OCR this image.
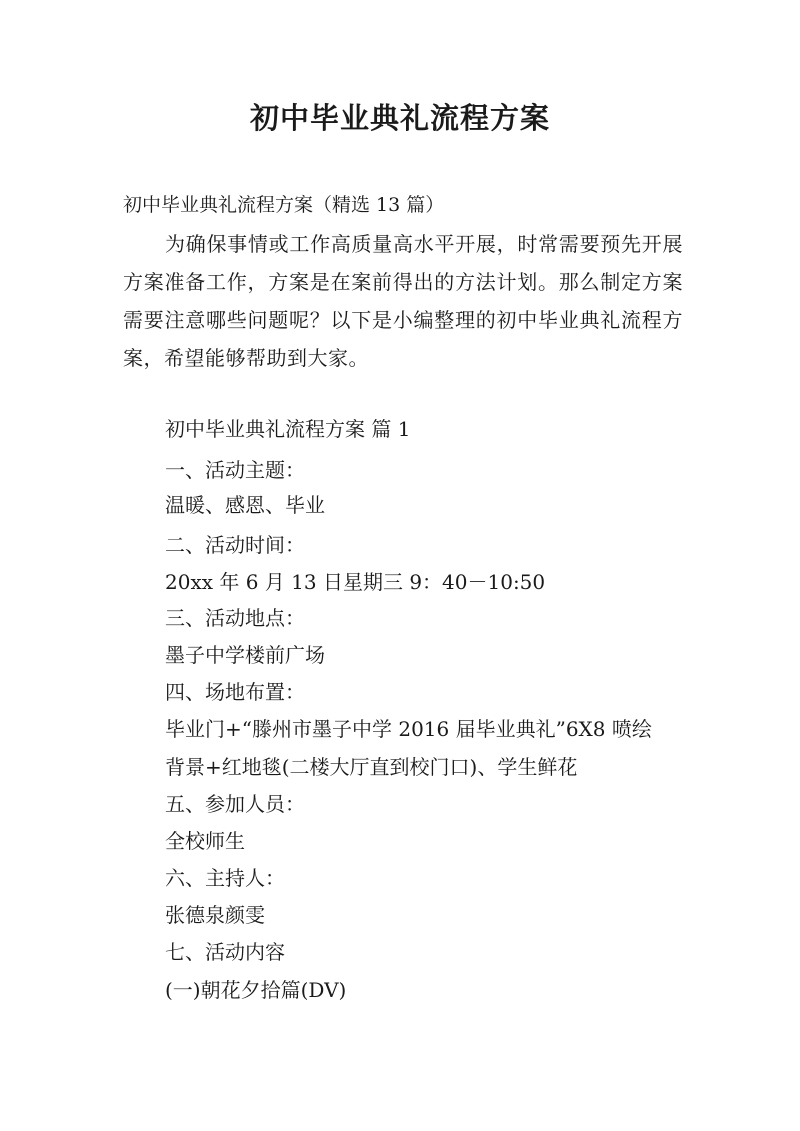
初中毕业典礼流程方案

初中毕业典礼流程方案（精选 13 篇）

为确保事情或工作高质量高水平开展，时常需要预先开展方案准备工作，方案是在案前得出的方法计划。那么制定方案需要注意哪些问题呢？以下是小编整理的初中毕业典礼流程方案，希望能够帮助到大家。

初中毕业典礼流程方案 篇 1

一、活动主题：

温暖、感恩、毕业

二、活动时间：

20xx 年 6 月 13 日星期三 9：40－10:50

三、活动地点：

墨子中学楼前广场

四、场地布置：

毕业门+“滕州市墨子中学 2016 届毕业典礼”6X8 喷绘

背景+红地毯(二楼大厅直到校门口)、学生鲜花

五、参加人员：

全校师生

六、主持人：

张德泉颜雯

七、活动内容

(一)朝花夕拾篇(DV)
